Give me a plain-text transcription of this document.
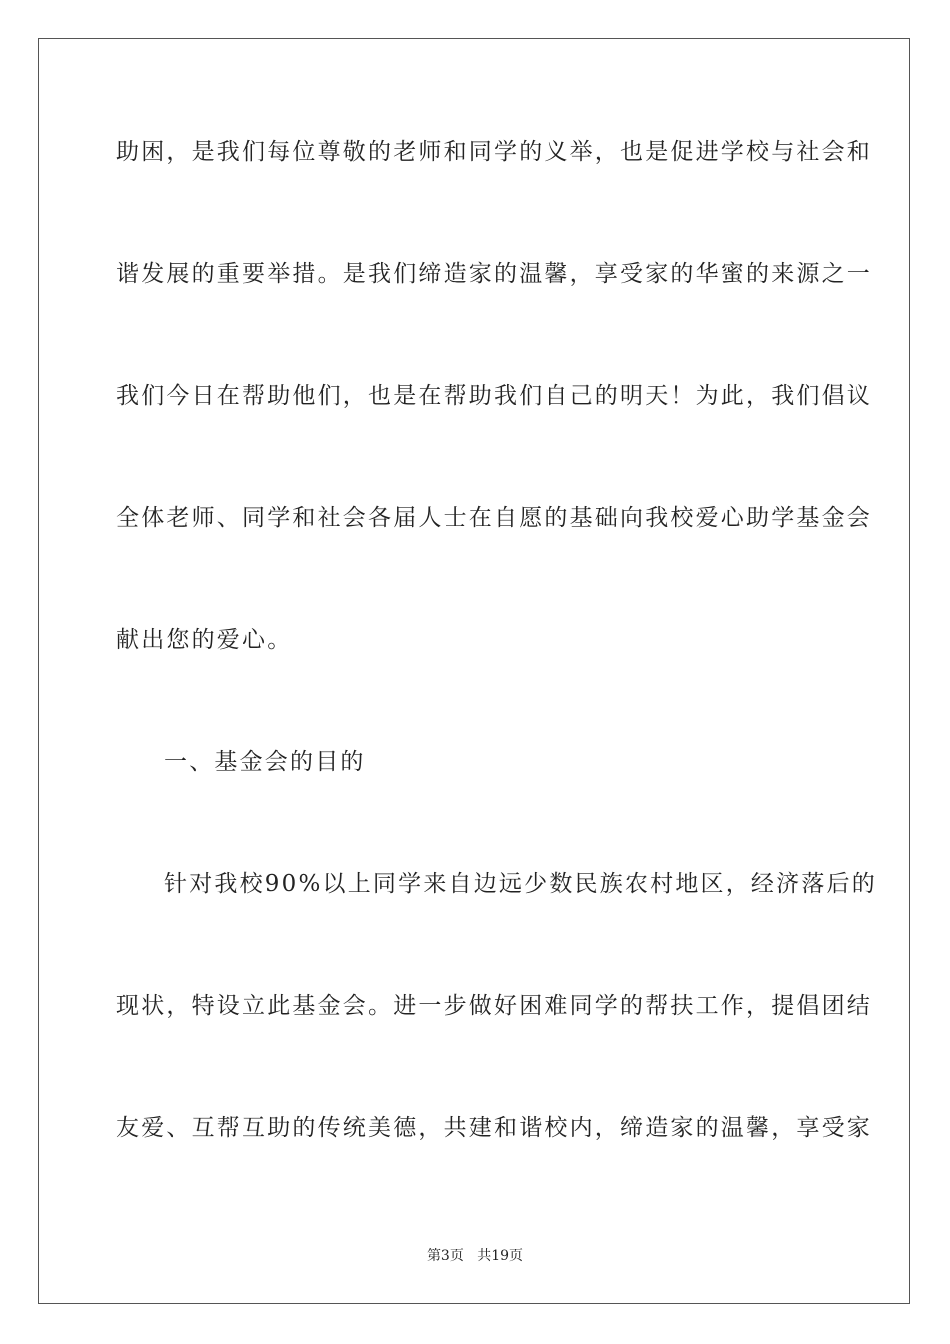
助困，是我们每位尊敬的老师和同学的义举，也是促进学校与社会和
谐发展的重要举措。是我们缔造家的温馨，享受家的华蜜的来源之一
我们今日在帮助他们，也是在帮助我们自己的明天！为此，我们倡议
全体老师、同学和社会各届人士在自愿的基础向我校爱心助学基金会
献出您的爱心。
一、基金会的目的
针对我校90%以上同学来自边远少数民族农村地区，经济落后的
现状，特设立此基金会。进一步做好困难同学的帮扶工作，提倡团结
友爱、互帮互助的传统美德，共建和谐校内，缔造家的温馨，享受家
第3页 共19页
